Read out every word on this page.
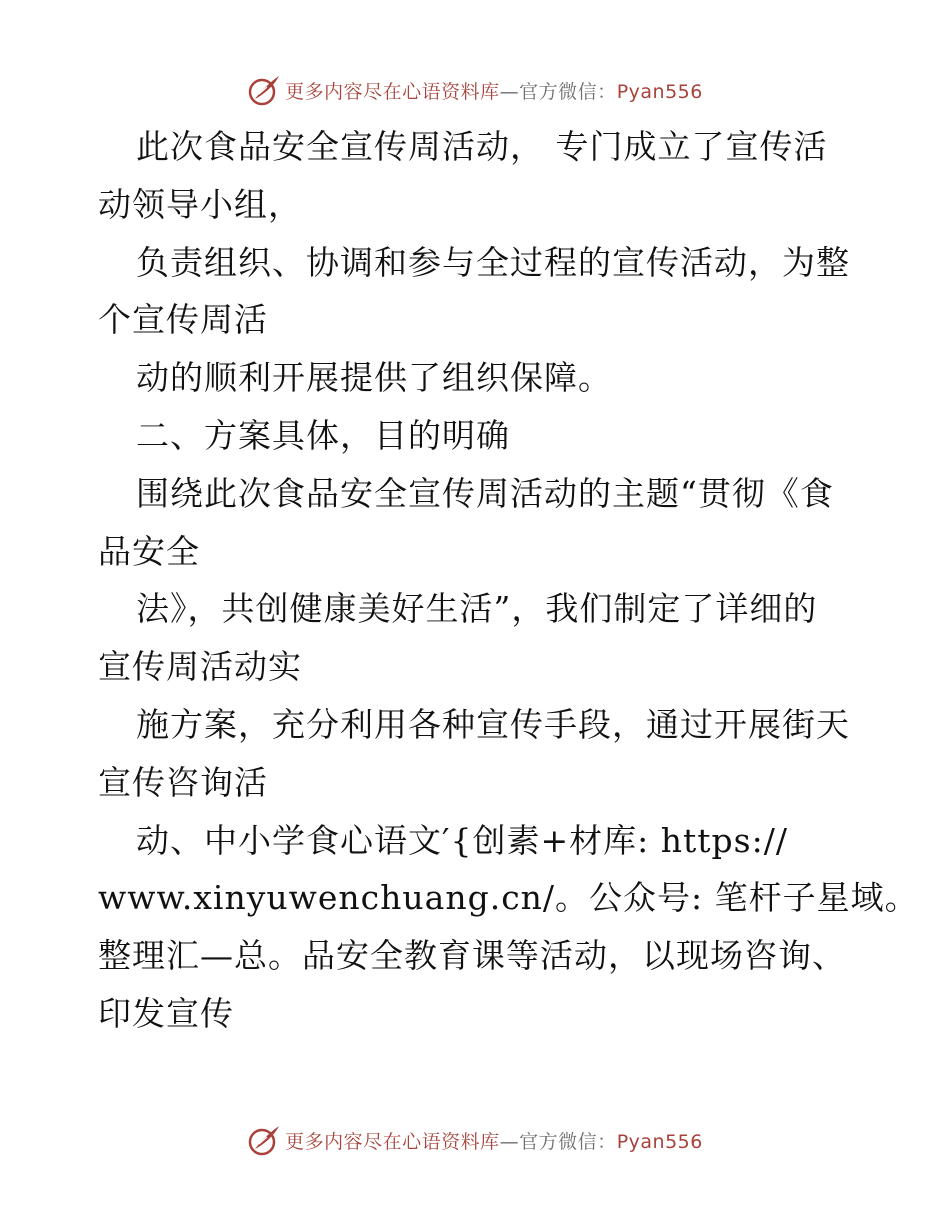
更多内容尽在心语资料库—官方微信：Pyan556
此次食品安全宣传周活动， 专门成立了宣传活
动领导小组，
负责组织、协调和参与全过程的宣传活动，为整
个宣传周活
动的顺利开展提供了组织保障。
二、方案具体，目的明确
围绕此次食品安全宣传周活动的主题“贯彻《食
品安全
法》，共创健康美好生活”，我们制定了详细的
宣传周活动实
施方案，充分利用各种宣传手段，通过开展街天
宣传咨询活
动、中小学食心语文′{创素+材库: https://
www.xinyuwenchuang.cn/。公众号: 笔杆子星域。
整理汇—总。品安全教育课等活动，以现场咨询、
印发宣传
更多内容尽在心语资料库—官方微信：Pyan556
